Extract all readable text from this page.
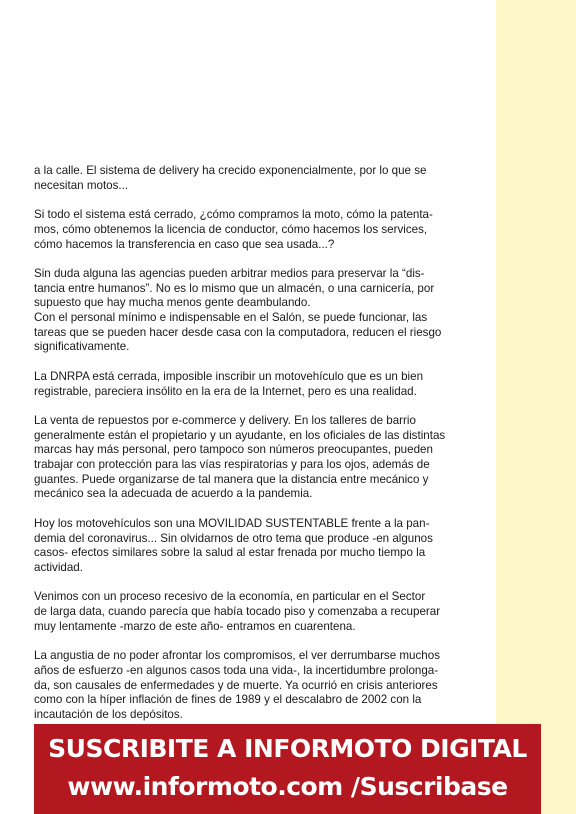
a la calle. El sistema de delivery ha crecido exponencialmente, por lo que se
necesitan motos...

Si todo el sistema está cerrado, ¿cómo compramos la moto, cómo la patenta-
mos, cómo obtenemos la licencia de conductor, cómo hacemos los services,
cómo hacemos la transferencia en caso que sea usada...?

Sin duda alguna las agencias pueden arbitrar medios para preservar la “dis-
tancia entre humanos”. No es lo mismo que un almacén, o una carnicería, por
supuesto que hay mucha menos gente deambulando.
Con el personal mínimo e indispensable en el Salón, se puede funcionar, las
tareas que se pueden hacer desde casa con la computadora, reducen el riesgo
significativamente.

La DNRPA está cerrada, imposible inscribir un motovehículo que es un bien
registrable, pareciera insólito en la era de la Internet, pero es una realidad.

La venta de repuestos por e-commerce y delivery. En los talleres de barrio
generalmente están el propietario y un ayudante, en los oficiales de las distintas
marcas hay más personal, pero tampoco son números preocupantes, pueden
trabajar con protección para las vías respiratorias y para los ojos, además de
guantes. Puede organizarse de tal manera que la distancia entre mecánico y
mecánico sea la adecuada de acuerdo a la pandemia.

Hoy los motovehículos son una MOVILIDAD SUSTENTABLE frente a la pan-
demia del coronavirus... Sin olvidarnos de otro tema que produce -en algunos
casos- efectos similares sobre la salud al estar frenada por mucho tiempo la
actividad.

Venimos con un proceso recesivo de la economía, en particular en el Sector
de larga data, cuando parecía que había tocado piso y comenzaba a recuperar
muy lentamente -marzo de este año- entramos en cuarentena.

La angustia de no poder afrontar los compromisos, el ver derrumbarse muchos
años de esfuerzo -en algunos casos toda una vida-, la incertidumbre prolonga-
da, son causales de enfermedades y de muerte. Ya ocurrió en crisis anteriores
como con la híper inflación de fines de 1989 y el descalabro de 2002 con la
incautación de los depósitos.

SUSCRIBITE A INFORMOTO DIGITAL
www.informoto.com /Suscribase
